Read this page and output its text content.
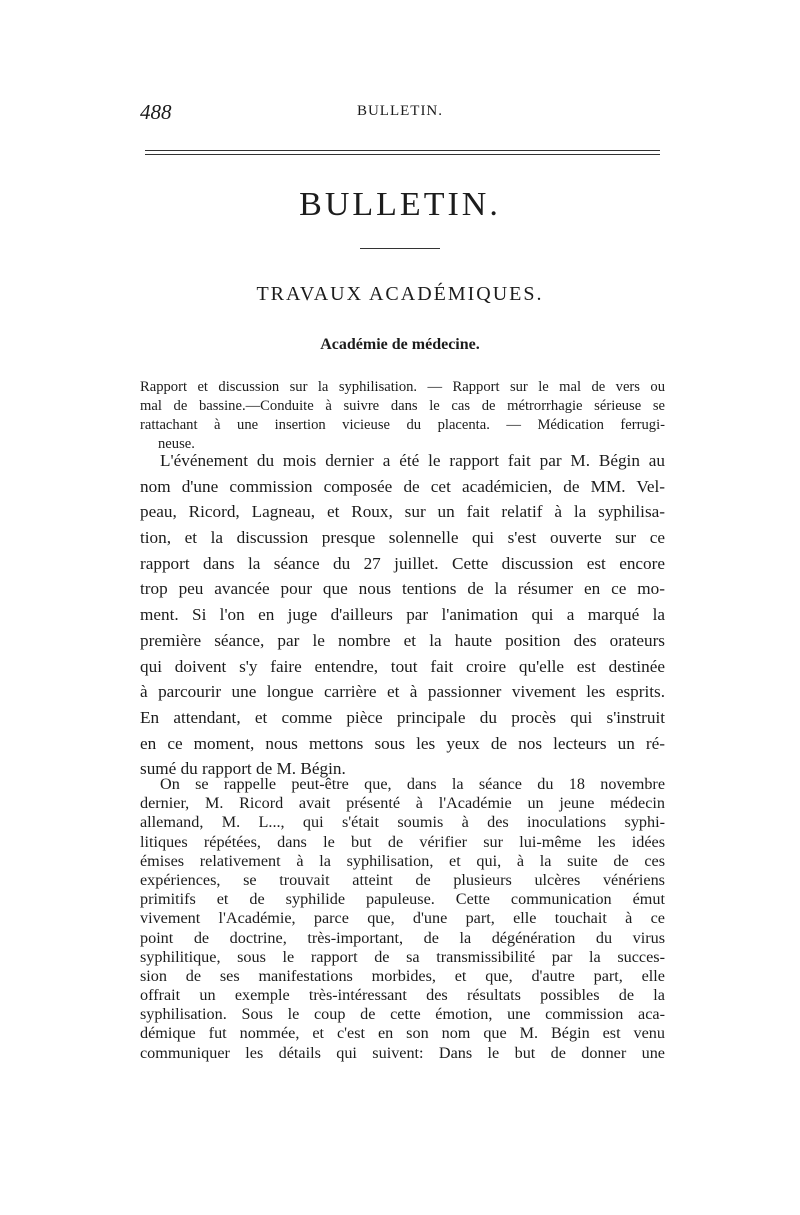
488	BULLETIN.
BULLETIN.
TRAVAUX ACADÉMIQUES.
Académie de médecine.
Rapport et discussion sur la syphilisation. — Rapport sur le mal de vers ou
mal de bassine.—Conduite à suivre dans le cas de métrorrhagie sérieuse se
rattachant à une insertion vicieuse du placenta. — Médication ferrugi-
neuse.
L'événement du mois dernier a été le rapport fait par M. Bégin au
nom d'une commission composée de cet académicien, de MM. Vel-
peau, Ricord, Lagneau, et Roux, sur un fait relatif à la syphilisa-
tion, et la discussion presque solennelle qui s'est ouverte sur ce
rapport dans la séance du 27 juillet. Cette discussion est encore
trop peu avancée pour que nous tentions de la résumer en ce mo-
ment. Si l'on en juge d'ailleurs par l'animation qui a marqué la
première séance, par le nombre et la haute position des orateurs
qui doivent s'y faire entendre, tout fait croire qu'elle est destinée
à parcourir une longue carrière et à passionner vivement les esprits.
En attendant, et comme pièce principale du procès qui s'instruit
en ce moment, nous mettons sous les yeux de nos lecteurs un ré-
sumé du rapport de M. Bégin.
On se rappelle peut-être que, dans la séance du 18 novembre
dernier, M. Ricord avait présenté à l'Académie un jeune médecin
allemand, M. L..., qui s'était soumis à des inoculations syphi-
litiques répétées, dans le but de vérifier sur lui-même les idées
émises relativement à la syphilisation, et qui, à la suite de ces
expériences, se trouvait atteint de plusieurs ulcères vénériens
primitifs et de syphilide papuleuse. Cette communication émut
vivement l'Académie, parce que, d'une part, elle touchait à ce
point de doctrine, très-important, de la dégénération du virus
syphilitique, sous le rapport de sa transmissibilité par la succes-
sion de ses manifestations morbides, et que, d'autre part, elle
offrait un exemple très-intéressant des résultats possibles de la
syphilisation. Sous le coup de cette émotion, une commission aca-
démique fut nommée, et c'est en son nom que M. Bégin est venu
communiquer les détails qui suivent: Dans le but de donner une
